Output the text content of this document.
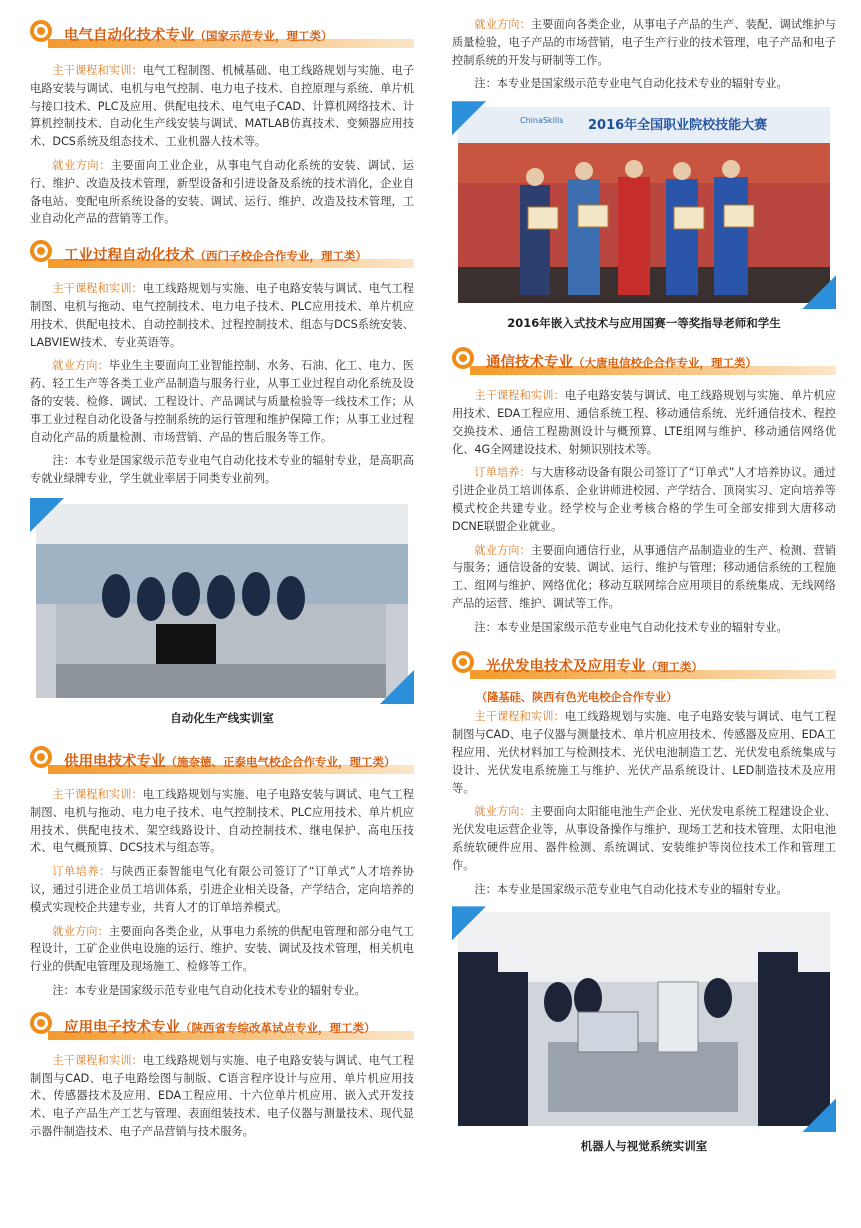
电气自动化技术专业（国家示范专业，理工类）

主干课程和实训：电气工程制图、机械基础、电工线路规划与实施、电子电路安装与调试、电机与电气控制、电力电子技术、自控原理与系统、单片机与接口技术、PLC及应用、供配电技术、电气电子CAD、计算机网络技术、计算机控制技术、自动化生产线安装与调试、MATLAB仿真技术、变频器应用技术、DCS系统及组态技术、工业机器人技术等。

就业方向：主要面向工业企业，从事电气自动化系统的安装、调试、运行、维护、改造及技术管理，新型设备和引进设备及系统的技术消化，企业自备电站、变配电所系统设备的安装、调试、运行、维护、改造及技术管理，工业自动化产品的营销等工作。

工业过程自动化技术（西门子校企合作专业，理工类）

主干课程和实训：电工线路规划与实施、电子电路安装与调试、电气工程制图、电机与拖动、电气控制技术、电力电子技术、PLC应用技术、单片机应用技术、供配电技术、自动控制技术、过程控制技术、组态与DCS系统安装、LABVIEW技术、专业英语等。

就业方向：毕业生主要面向工业智能控制、水务、石油、化工、电力、医药、轻工生产等各类工业产品制造与服务行业，从事工业过程自动化系统及设备的安装、检修、调试、工程设计、产品调试与质量检验等一线技术工作；从事工业过程自动化设备与控制系统的运行管理和维护保障工作；从事工业过程自动化产品的质量检测、市场营销、产品的售后服务等工作。

注：本专业是国家级示范专业电气自动化技术专业的辐射专业，是高职高专就业绿牌专业，学生就业率居于同类专业前列。

自动化生产线实训室
供用电技术专业（施奈德、正泰电气校企合作专业，理工类）

主干课程和实训：电工线路规划与实施、电子电路安装与调试、电气工程制图、电机与拖动、电力电子技术、电气控制技术、PLC应用技术、单片机应用技术、供配电技术、架空线路设计、自动控制技术、继电保护、高电压技术、电气概预算、DCS技术与组态等。

订单培养：与陕西正泰智能电气化有限公司签订了“订单式”人才培养协议，通过引进企业员工培训体系，引进企业相关设备，产学结合，定向培养的模式实现校企共建专业，共育人才的订单培养模式。

就业方向：主要面向各类企业，从事电力系统的供配电管理和部分电气工程设计，工矿企业供电设施的运行、维护、安装、调试及技术管理，相关机电行业的供配电管理及现场施工、检修等工作。

注：本专业是国家级示范专业电气自动化技术专业的辐射专业。

应用电子技术专业（陕西省专综改革试点专业，理工类）

主干课程和实训：电工线路规划与实施、电子电路安装与调试、电气工程制图与CAD、电子电路绘图与制版、C语言程序设计与应用、单片机应用技术、传感器技术及应用、EDA工程应用、十六位单片机应用、嵌入式开发技术、电子产品生产工艺与管理、表面组装技术、电子仪器与测量技术、现代显示器件制造技术、电子产品营销与技术服务。

就业方向：主要面向各类企业，从事电子产品的生产、装配、调试维护与质量检验，电子产品的市场营销，电子生产行业的技术管理，电子产品和电子控制系统的开发与研制等工作。

注：本专业是国家级示范专业电气自动化技术专业的辐射专业。

ChinaSkills 2016年全国职业院校技能大赛
2016年嵌入式技术与应用国赛一等奖指导老师和学生
通信技术专业（大唐电信校企合作专业，理工类）

主干课程和实训：电子电路安装与调试、电工线路规划与实施、单片机应用技术、EDA工程应用、通信系统工程、移动通信系统、光纤通信技术、程控交换技术、通信工程勘测设计与概预算、LTE组网与维护、移动通信网络优化、4G全网建设技术、射频识别技术等。

订单培养：与大唐移动设备有限公司签订了“订单式”人才培养协议。通过引进企业员工培训体系、企业讲师进校园、产学结合、顶岗实习、定向培养等模式校企共建专业。经学校与企业考核合格的学生可全部安排到大唐移动DCNE联盟企业就业。

就业方向：主要面向通信行业，从事通信产品制造业的生产、检测、营销与服务；通信设备的安装、调试、运行、维护与管理；移动通信系统的工程施工、组网与维护、网络优化；移动互联网综合应用项目的系统集成、无线网络产品的运营、维护、调试等工作。

注：本专业是国家级示范专业电气自动化技术专业的辐射专业。

光伏发电技术及应用专业（理工类）

（隆基硅、陕西有色光电校企合作专业）

主干课程和实训：电工线路规划与实施、电子电路安装与调试、电气工程制图与CAD、电子仪器与测量技术、单片机应用技术、传感器及应用、EDA工程应用、光伏材料加工与检测技术、光伏电池制造工艺、光伏发电系统集成与设计、光伏发电系统施工与维护、光伏产品系统设计、LED制造技术及应用等。

就业方向：主要面向太阳能电池生产企业、光伏发电系统工程建设企业、光伏发电运营企业等，从事设备操作与维护、现场工艺和技术管理、太阳电池系统软硬件应用、器件检测、系统调试、安装维护等岗位技术工作和管理工作。

注：本专业是国家级示范专业电气自动化技术专业的辐射专业。

机器人与视觉系统实训室
